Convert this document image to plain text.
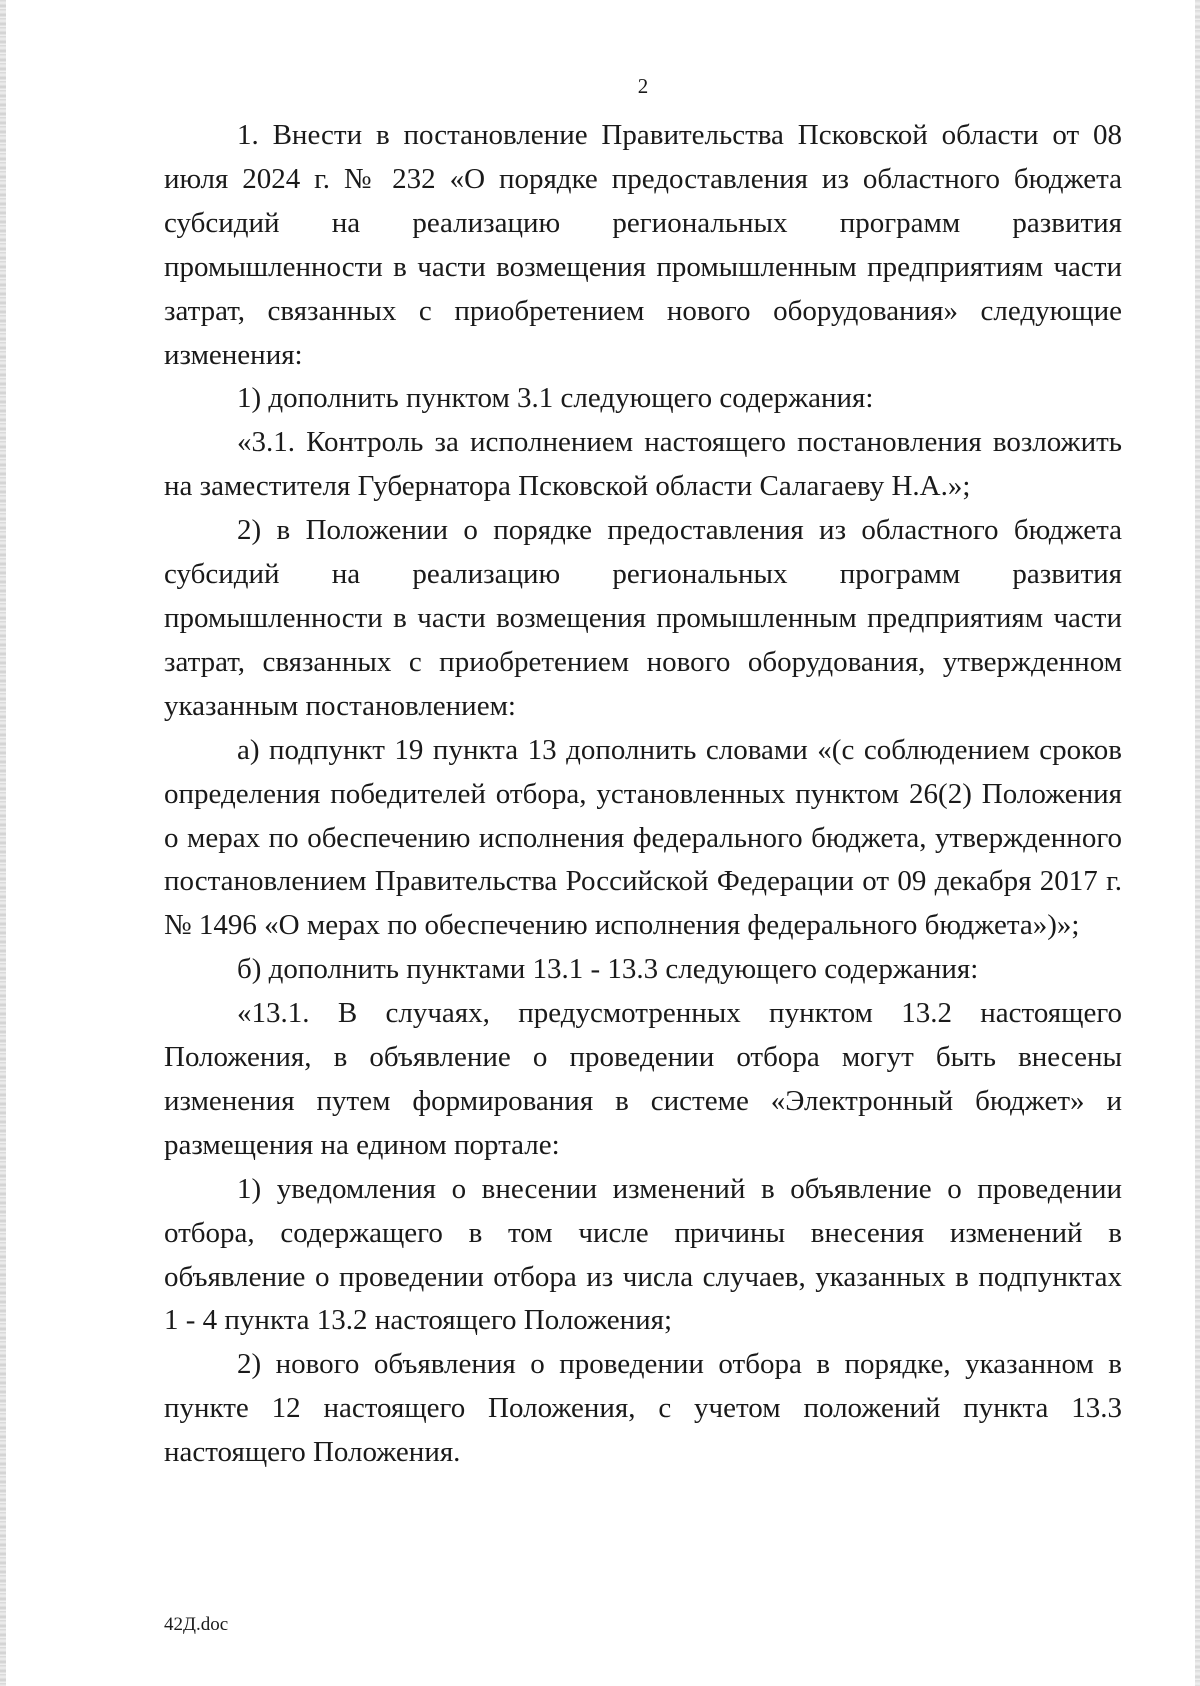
2

1. Внести в постановление Правительства Псковской области от 08 июля 2024 г. № 232 «О порядке предоставления из областного бюджета субсидий на реализацию региональных программ развития промышленности в части возмещения промышленным предприятиям части затрат, связанных с приобретением нового оборудования» следующие изменения:

1) дополнить пунктом 3.1 следующего содержания:

«3.1. Контроль за исполнением настоящего постановления возложить на заместителя Губернатора Псковской области Салагаеву Н.А.»;

2) в Положении о порядке предоставления из областного бюджета субсидий на реализацию региональных программ развития промышленности в части возмещения промышленным предприятиям части затрат, связанных с приобретением нового оборудования, утвержденном указанным постановлением:

а) подпункт 19 пункта 13 дополнить словами «(с соблюдением сроков определения победителей отбора, установленных пунктом 26(2) Положения о мерах по обеспечению исполнения федерального бюджета, утвержденного постановлением Правительства Российской Федерации от 09 декабря 2017 г. № 1496 «О мерах по обеспечению исполнения федерального бюджета»)»;

б) дополнить пунктами 13.1 - 13.3 следующего содержания:

«13.1. В случаях, предусмотренных пунктом 13.2 настоящего Положения, в объявление о проведении отбора могут быть внесены изменения путем формирования в системе «Электронный бюджет» и размещения на едином портале:

1) уведомления о внесении изменений в объявление о проведении отбора, содержащего в том числе причины внесения изменений в объявление о проведении отбора из числа случаев, указанных в подпунктах 1 - 4 пункта 13.2 настоящего Положения;

2) нового объявления о проведении отбора в порядке, указанном в пункте 12 настоящего Положения, с учетом положений пункта 13.3 настоящего Положения.

42Д.doc
